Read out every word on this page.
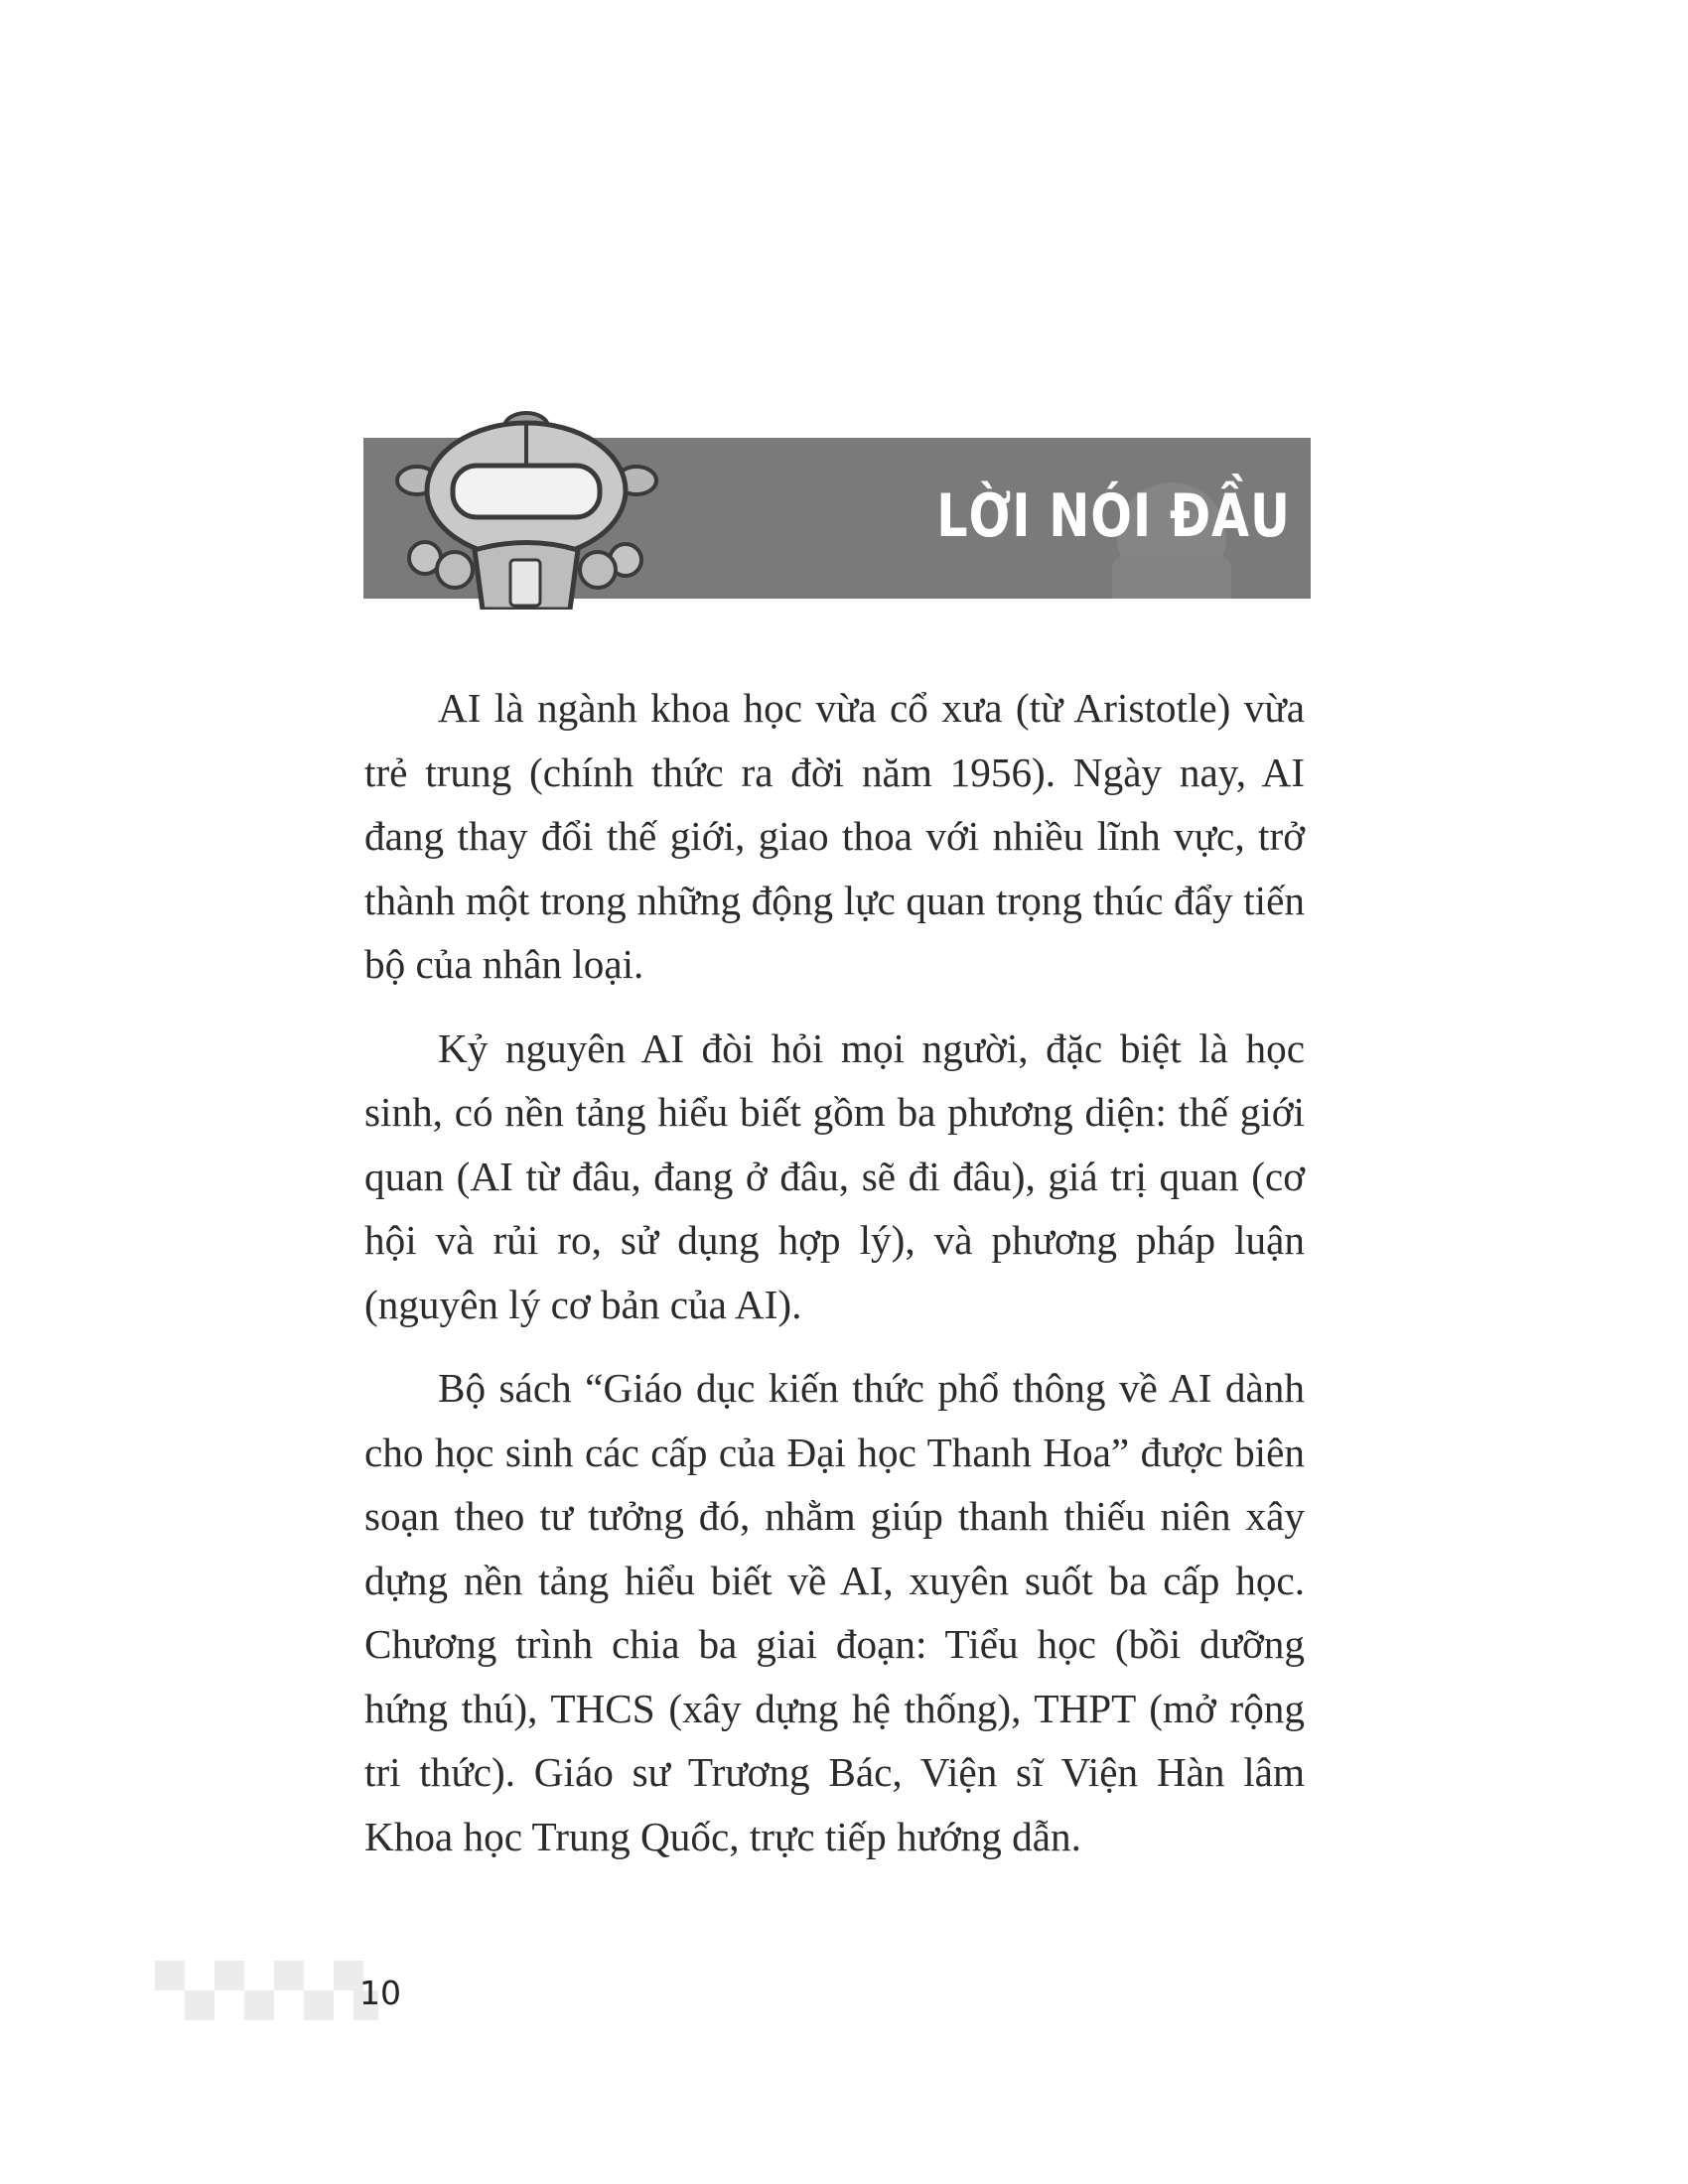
LỜI NÓI ĐẦU

AI là ngành khoa học vừa cổ xưa (từ Aristotle) vừa trẻ trung (chính thức ra đời năm 1956). Ngày nay, AI đang thay đổi thế giới, giao thoa với nhiều lĩnh vực, trở thành một trong những động lực quan trọng thúc đẩy tiến bộ của nhân loại.

Kỷ nguyên AI đòi hỏi mọi người, đặc biệt là học sinh, có nền tảng hiểu biết gồm ba phương diện: thế giới quan (AI từ đâu, đang ở đâu, sẽ đi đâu), giá trị quan (cơ hội và rủi ro, sử dụng hợp lý), và phương pháp luận (nguyên lý cơ bản của AI).

Bộ sách “Giáo dục kiến thức phổ thông về AI dành cho học sinh các cấp của Đại học Thanh Hoa” được biên soạn theo tư tưởng đó, nhằm giúp thanh thiếu niên xây dựng nền tảng hiểu biết về AI, xuyên suốt ba cấp học. Chương trình chia ba giai đoạn: Tiểu học (bồi dưỡng hứng thú), THCS (xây dựng hệ thống), THPT (mở rộng tri thức). Giáo sư Trương Bác, Viện sĩ Viện Hàn lâm Khoa học Trung Quốc, trực tiếp hướng dẫn.

10
